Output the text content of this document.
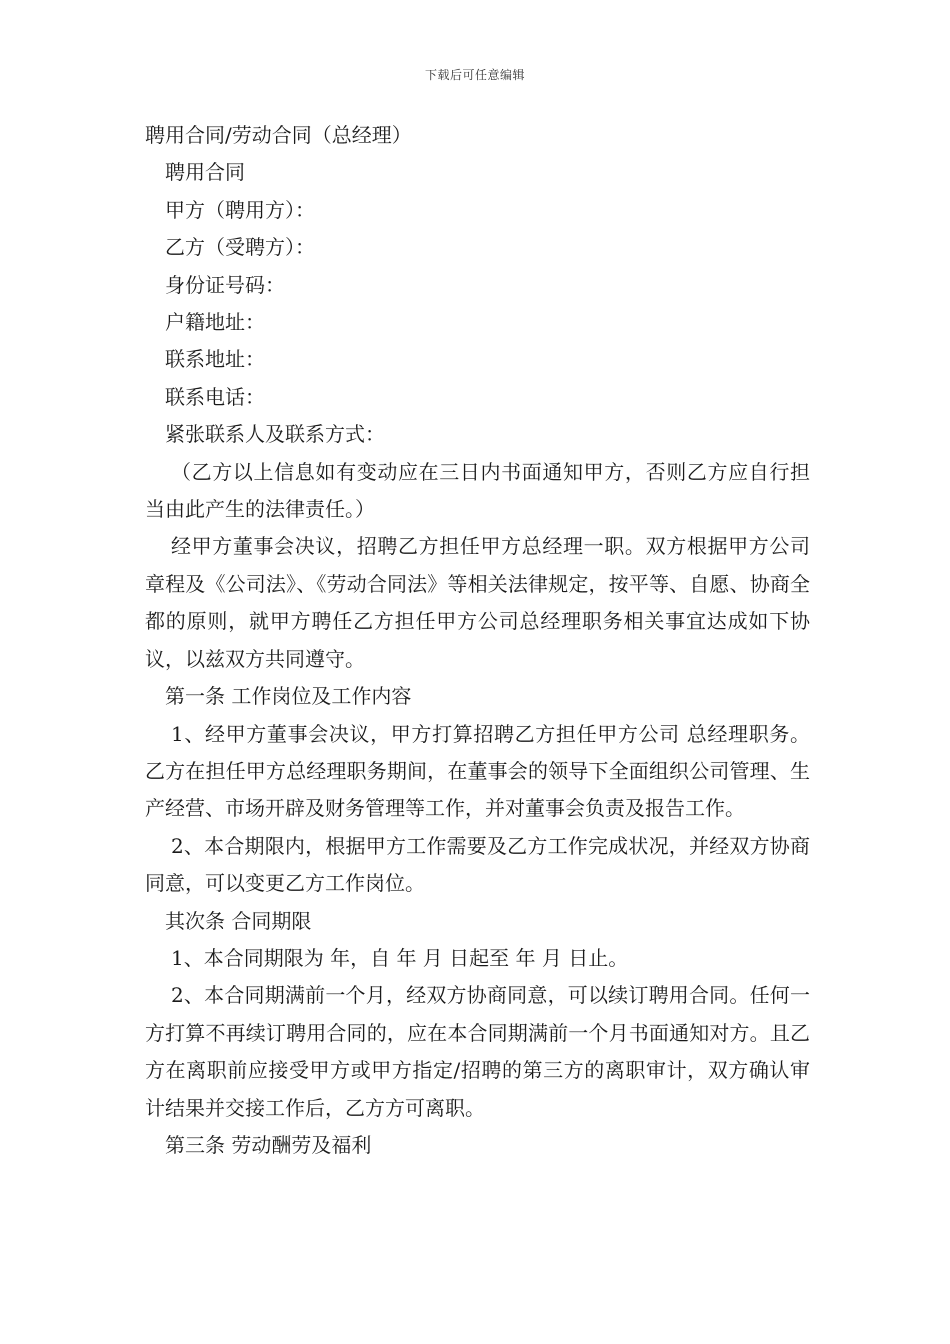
下载后可任意编辑

聘用合同/劳动合同（总经理）

聘用合同

甲方（聘用方）：

乙方（受聘方）：

身份证号码：

户籍地址：

联系地址：

联系电话：

紧张联系人及联系方式：

（乙方以上信息如有变动应在三日内书面通知甲方，否则乙方应自行担当由此产生的法律责任。）

经甲方董事会决议，招聘乙方担任甲方总经理一职。双方根据甲方公司章程及《公司法》、《劳动合同法》等相关法律规定，按平等、自愿、协商全都的原则，就甲方聘任乙方担任甲方公司总经理职务相关事宜达成如下协议，以兹双方共同遵守。

第一条 工作岗位及工作内容

1、经甲方董事会决议，甲方打算招聘乙方担任甲方公司 总经理职务。乙方在担任甲方总经理职务期间，在董事会的领导下全面组织公司管理、生产经营、市场开辟及财务管理等工作，并对董事会负责及报告工作。

2、本合期限内，根据甲方工作需要及乙方工作完成状况，并经双方协商同意，可以变更乙方工作岗位。

其次条 合同期限

1、本合同期限为 年，自 年 月 日起至 年 月 日止。

2、本合同期满前一个月，经双方协商同意，可以续订聘用合同。任何一方打算不再续订聘用合同的，应在本合同期满前一个月书面通知对方。且乙方在离职前应接受甲方或甲方指定/招聘的第三方的离职审计，双方确认审计结果并交接工作后，乙方方可离职。

第三条 劳动酬劳及福利
